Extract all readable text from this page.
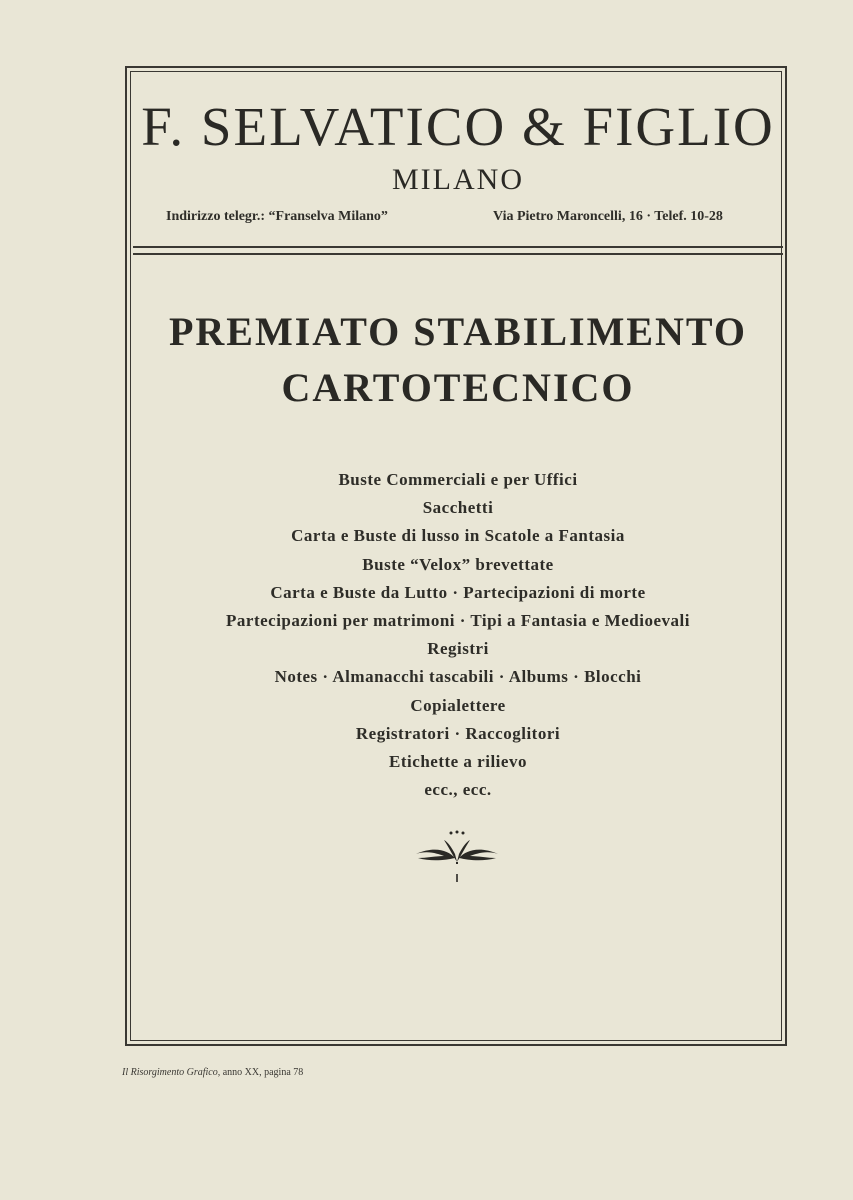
F. SELVATICO & FIGLIO
MILANO
Indirizzo telegr.: “Franselva Milano”	Via Pietro Maroncelli, 16 · Telef. 10-28
PREMIATO STABILIMENTO
CARTOTECNICO
Buste Commerciali e per Uffici
Sacchetti
Carta e Buste di lusso in Scatole a Fantasia
Buste “Velox” brevettate
Carta e Buste da Lutto · Partecipazioni di morte
Partecipazioni per matrimoni · Tipi a Fantasia e Medioevali
Registri
Notes · Almanacchi tascabili · Albums · Blocchi
Copialettere
Registratori · Raccoglitori
Etichette a rilievo
ecc., ecc.
Il Risorgimento Grafico, anno XX, pagina 78
